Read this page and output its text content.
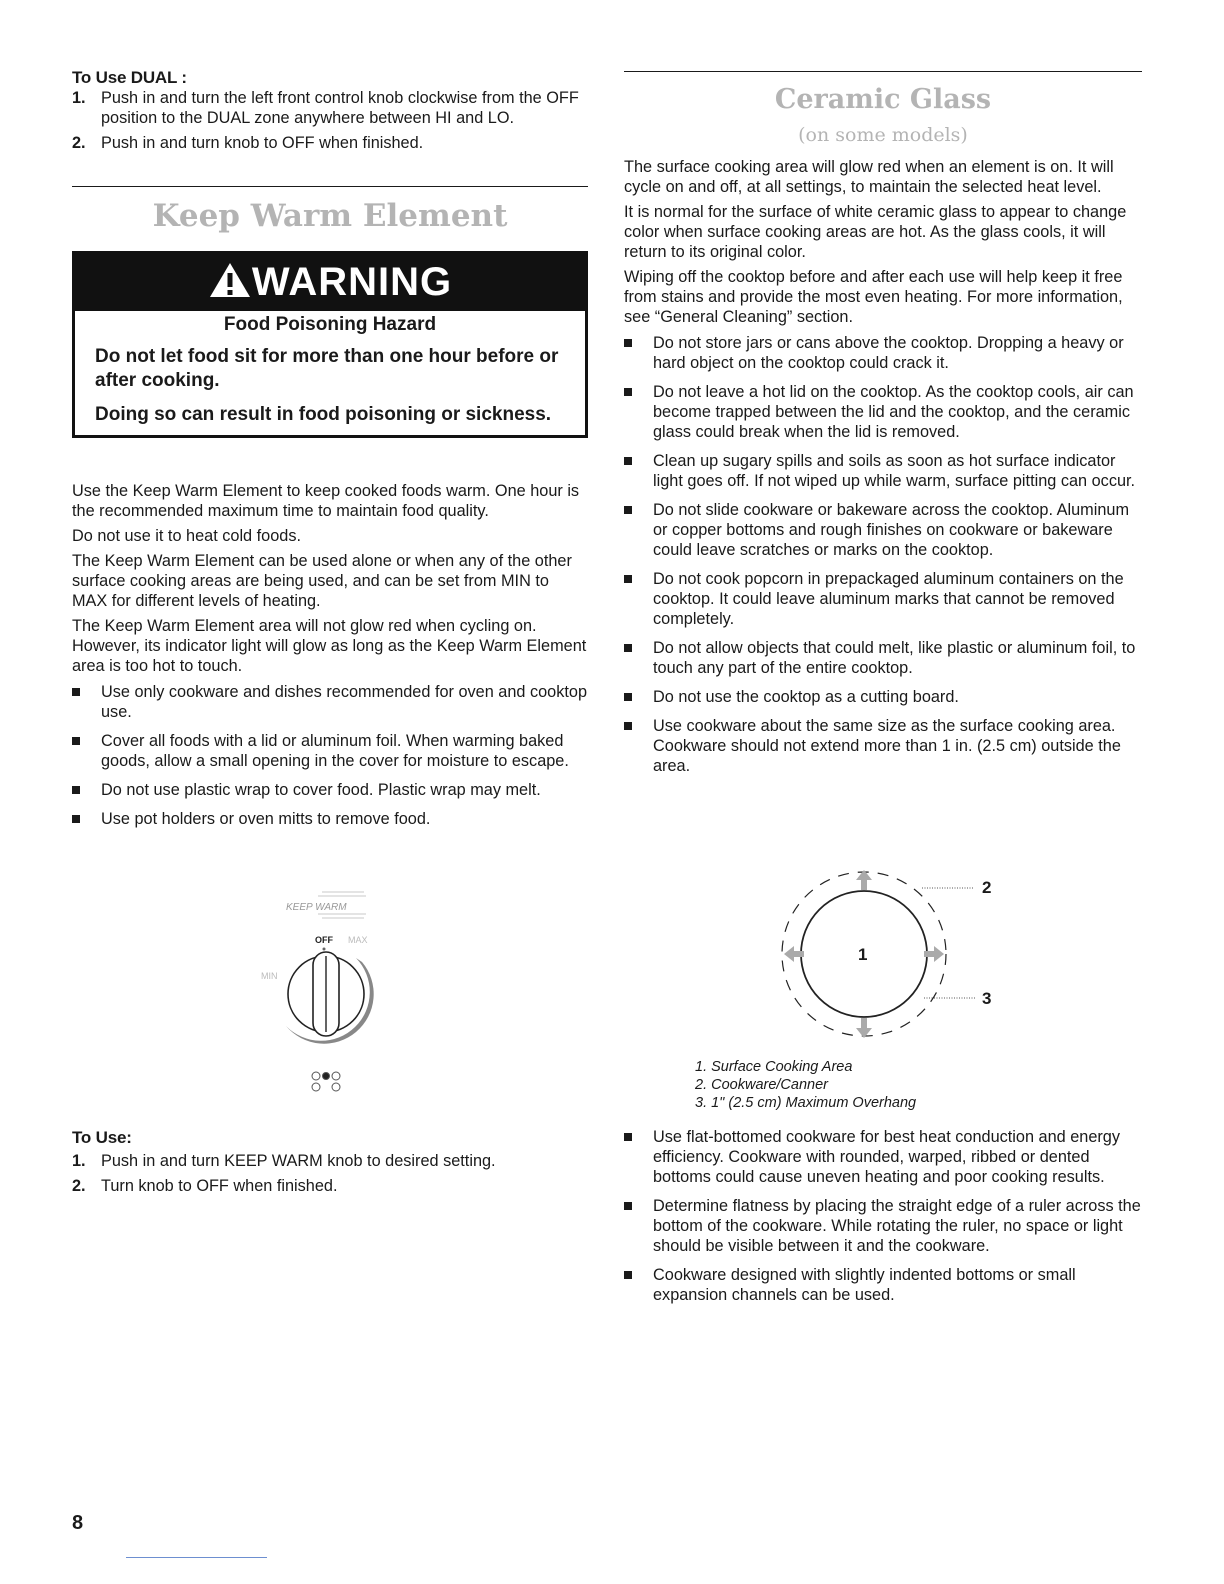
To Use DUAL :
1. Push in and turn the left front control knob clockwise from the OFF position to the DUAL zone anywhere between HI and LO.
2. Push in and turn knob to OFF when finished.
Keep Warm Element
WARNING

Food Poisoning Hazard

Do not let food sit for more than one hour before or after cooking.

Doing so can result in food poisoning or sickness.

Use the Keep Warm Element to keep cooked foods warm. One hour is the recommended maximum time to maintain food quality.

Do not use it to heat cold foods.

The Keep Warm Element can be used alone or when any of the other surface cooking areas are being used, and can be set from MIN to MAX for different levels of heating.

The Keep Warm Element area will not glow red when cycling on. However, its indicator light will glow as long as the Keep Warm Element area is too hot to touch.

Use only cookware and dishes recommended for oven and cooktop use.
Cover all foods with a lid or aluminum foil. When warming baked goods, allow a small opening in the cover for moisture to escape.
Do not use plastic wrap to cover food. Plastic wrap may melt.
Use pot holders or oven mitts to remove food.
KEEP WARM
OFF MAX
MIN
To Use:
1. Push in and turn KEEP WARM knob to desired setting.
2. Turn knob to OFF when finished.
Ceramic Glass
(on some models)

The surface cooking area will glow red when an element is on. It will cycle on and off, at all settings, to maintain the selected heat level.

It is normal for the surface of white ceramic glass to appear to change color when surface cooking areas are hot. As the glass cools, it will return to its original color.

Wiping off the cooktop before and after each use will help keep it free from stains and provide the most even heating. For more information, see “General Cleaning” section.

Do not store jars or cans above the cooktop. Dropping a heavy or hard object on the cooktop could crack it.
Do not leave a hot lid on the cooktop. As the cooktop cools, air can become trapped between the lid and the cooktop, and the ceramic glass could break when the lid is removed.
Clean up sugary spills and soils as soon as hot surface indicator light goes off. If not wiped up while warm, surface pitting can occur.
Do not slide cookware or bakeware across the cooktop. Aluminum or copper bottoms and rough finishes on cookware or bakeware could leave scratches or marks on the cooktop.
Do not cook popcorn in prepackaged aluminum containers on the cooktop. It could leave aluminum marks that cannot be removed completely.
Do not allow objects that could melt, like plastic or aluminum foil, to touch any part of the entire cooktop.
Do not use the cooktop as a cutting board.
Use cookware about the same size as the surface cooking area. Cookware should not extend more than 1 in. (2.5 cm) outside the area.
1
2
3

1. Surface Cooking Area

2. Cookware/Canner

3. 1" (2.5 cm) Maximum Overhang

Use flat-bottomed cookware for best heat conduction and energy efficiency. Cookware with rounded, warped, ribbed or dented bottoms could cause uneven heating and poor cooking results.
Determine flatness by placing the straight edge of a ruler across the bottom of the cookware. While rotating the ruler, no space or light should be visible between it and the cookware.
Cookware designed with slightly indented bottoms or small expansion channels can be used.
8
